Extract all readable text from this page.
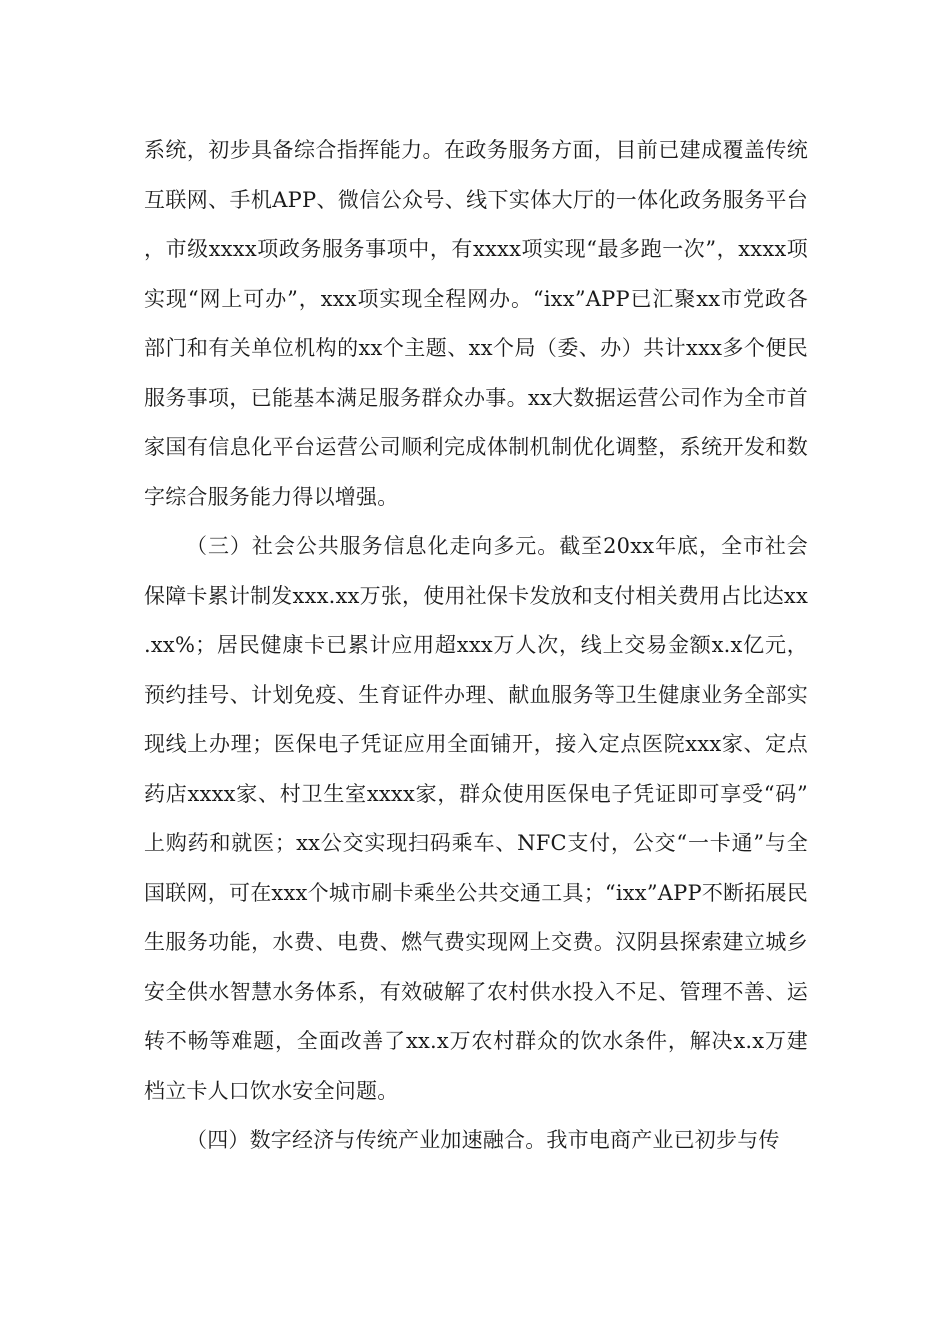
系统，初步具备综合指挥能力。在政务服务方面，目前已建成覆盖传统互联网、手机APP、微信公众号、线下实体大厅的一体化政务服务平台，市级xxxx项政务服务事项中，有xxxx项实现“最多跑一次”，xxxx项实现“网上可办”，xxx项实现全程网办。“ixx”APP已汇聚xx市党政各部门和有关单位机构的xx个主题、xx个局（委、办）共计xxx多个便民服务事项，已能基本满足服务群众办事。xx大数据运营公司作为全市首家国有信息化平台运营公司顺利完成体制机制优化调整，系统开发和数字综合服务能力得以增强。

（三）社会公共服务信息化走向多元。截至20xx年底，全市社会保障卡累计制发xxx.xx万张，使用社保卡发放和支付相关费用占比达xx.xx%；居民健康卡已累计应用超xxx万人次，线上交易金额x.x亿元，预约挂号、计划免疫、生育证件办理、献血服务等卫生健康业务全部实现线上办理；医保电子凭证应用全面铺开，接入定点医院xxx家、定点药店xxxx家、村卫生室xxxx家，群众使用医保电子凭证即可享受“码”上购药和就医；xx公交实现扫码乘车、NFC支付，公交“一卡通”与全国联网，可在xxx个城市刷卡乘坐公共交通工具；“ixx”APP不断拓展民生服务功能，水费、电费、燃气费实现网上交费。汉阴县探索建立城乡安全供水智慧水务体系，有效破解了农村供水投入不足、管理不善、运转不畅等难题，全面改善了xx.x万农村群众的饮水条件，解决x.x万建档立卡人口饮水安全问题。

（四）数字经济与传统产业加速融合。我市电商产业已初步与传
